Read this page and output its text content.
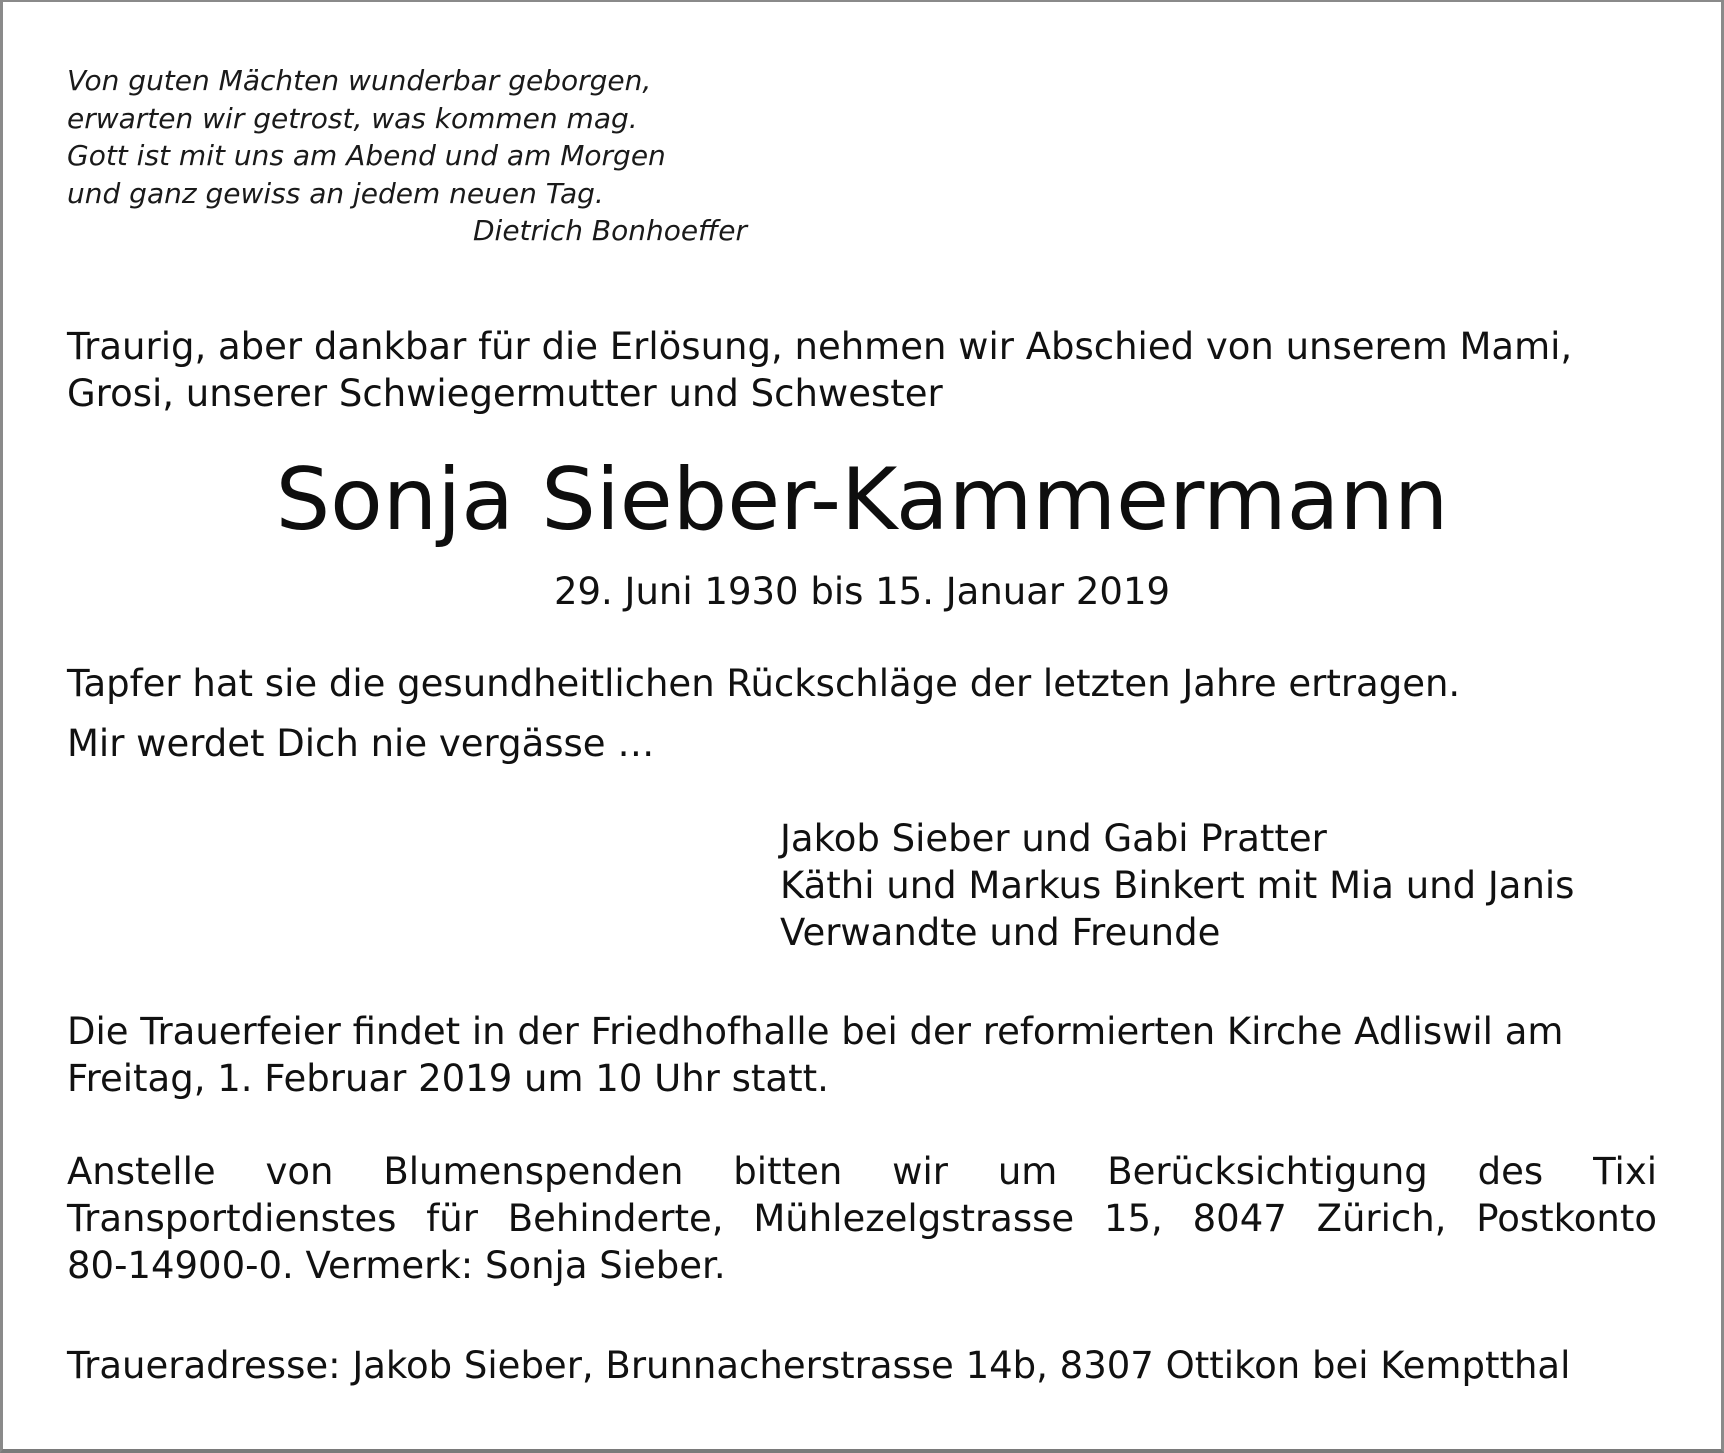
Von guten Mächten wunderbar geborgen,
erwarten wir getrost, was kommen mag.
Gott ist mit uns am Abend und am Morgen
und ganz gewiss an jedem neuen Tag.
Dietrich Bonhoeffer
Traurig, aber dankbar für die Erlösung, nehmen wir Abschied von unserem Mami,
Grosi, unserer Schwiegermutter und Schwester
Sonja Sieber-Kammermann
29. Juni 1930 bis 15. Januar 2019
Tapfer hat sie die gesundheitlichen Rückschläge der letzten Jahre ertragen.
Mir werdet Dich nie vergässe …
Jakob Sieber und Gabi Pratter
Käthi und Markus Binkert mit Mia und Janis
Verwandte und Freunde
Die Trauerfeier findet in der Friedhofhalle bei der reformierten Kirche Adliswil am
Freitag, 1. Februar 2019 um 10 Uhr statt.
Anstelle von Blumenspenden bitten wir um Berücksichtigung des Tixi
Transportdienstes für Behinderte, Mühlezelgstrasse 15, 8047 Zürich, Postkonto
80-14900-0. Vermerk: Sonja Sieber.
Traueradresse: Jakob Sieber, Brunnacherstrasse 14b, 8307 Ottikon bei Kemptthal
